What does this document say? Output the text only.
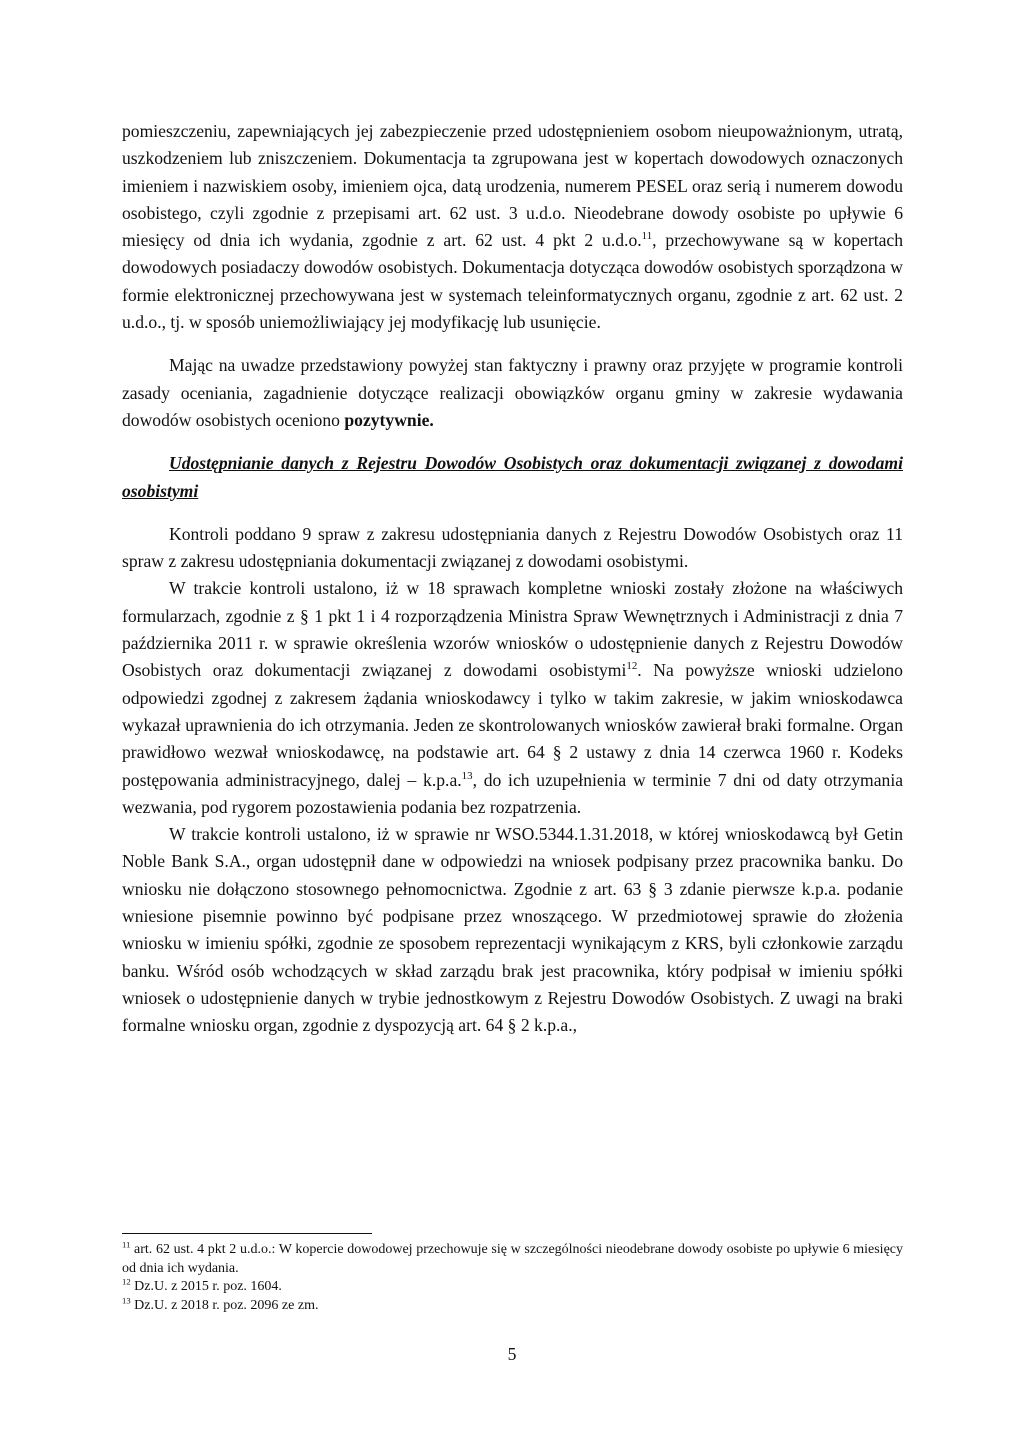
pomieszczeniu, zapewniających jej zabezpieczenie przed udostępnieniem osobom nieupoważnionym, utratą, uszkodzeniem lub zniszczeniem. Dokumentacja ta zgrupowana jest w kopertach dowodowych oznaczonych imieniem i nazwiskiem osoby, imieniem ojca, datą urodzenia, numerem PESEL oraz serią i numerem dowodu osobistego, czyli zgodnie z przepisami art. 62 ust. 3 u.d.o. Nieodebrane dowody osobiste po upływie 6 miesięcy od dnia ich wydania, zgodnie z art. 62 ust. 4 pkt 2 u.d.o.$^{11}$, przechowywane są w kopertach dowodowych posiadaczy dowodów osobistych. Dokumentacja dotycząca dowodów osobistych sporządzona w formie elektronicznej przechowywana jest w systemach teleinformatycznych organu, zgodnie z art. 62 ust. 2 u.d.o., tj. w sposób uniemożliwiający jej modyfikację lub usunięcie.

Mając na uwadze przedstawiony powyżej stan faktyczny i prawny oraz przyjęte w programie kontroli zasady oceniania, zagadnienie dotyczące realizacji obowiązków organu gminy w zakresie wydawania dowodów osobistych oceniono pozytywnie.

Udostępnianie danych z Rejestru Dowodów Osobistych oraz dokumentacji związanej z dowodami osobistymi

Kontroli poddano 9 spraw z zakresu udostępniania danych z Rejestru Dowodów Osobistych oraz 11 spraw z zakresu udostępniania dokumentacji związanej z dowodami osobistymi.

W trakcie kontroli ustalono, iż w 18 sprawach kompletne wnioski zostały złożone na właściwych formularzach, zgodnie z § 1 pkt 1 i 4 rozporządzenia Ministra Spraw Wewnętrznych i Administracji z dnia 7 października 2011 r. w sprawie określenia wzorów wniosków o udostępnienie danych z Rejestru Dowodów Osobistych oraz dokumentacji związanej z dowodami osobistymi$^{12}$. Na powyższe wnioski udzielono odpowiedzi zgodnej z zakresem żądania wnioskodawcy i tylko w takim zakresie, w jakim wnioskodawca wykazał uprawnienia do ich otrzymania. Jeden ze skontrolowanych wniosków zawierał braki formalne. Organ prawidłowo wezwał wnioskodawcę, na podstawie art. 64 § 2 ustawy z dnia 14 czerwca 1960 r. Kodeks postępowania administracyjnego, dalej – k.p.a.$^{13}$, do ich uzupełnienia w terminie 7 dni od daty otrzymania wezwania, pod rygorem pozostawienia podania bez rozpatrzenia.

W trakcie kontroli ustalono, iż w sprawie nr WSO.5344.1.31.2018, w której wnioskodawcą był Getin Noble Bank S.A., organ udostępnił dane w odpowiedzi na wniosek podpisany przez pracownika banku. Do wniosku nie dołączono stosownego pełnomocnictwa. Zgodnie z art. 63 § 3 zdanie pierwsze k.p.a. podanie wniesione pisemnie powinno być podpisane przez wnoszącego. W przedmiotowej sprawie do złożenia wniosku w imieniu spółki, zgodnie ze sposobem reprezentacji wynikającym z KRS, byli członkowie zarządu banku. Wśród osób wchodzących w skład zarządu brak jest pracownika, który podpisał w imieniu spółki wniosek o udostępnienie danych w trybie jednostkowym z Rejestru Dowodów Osobistych. Z uwagi na braki formalne wniosku organ, zgodnie z dyspozycją art. 64 § 2 k.p.a.,

$^{11}$ art. 62 ust. 4 pkt 2 u.d.o.: W kopercie dowodowej przechowuje się w szczególności nieodebrane dowody osobiste po upływie 6 miesięcy od dnia ich wydania.

$^{12}$ Dz.U. z 2015 r. poz. 1604.

$^{13}$ Dz.U. z 2018 r. poz. 2096 ze zm.

5
